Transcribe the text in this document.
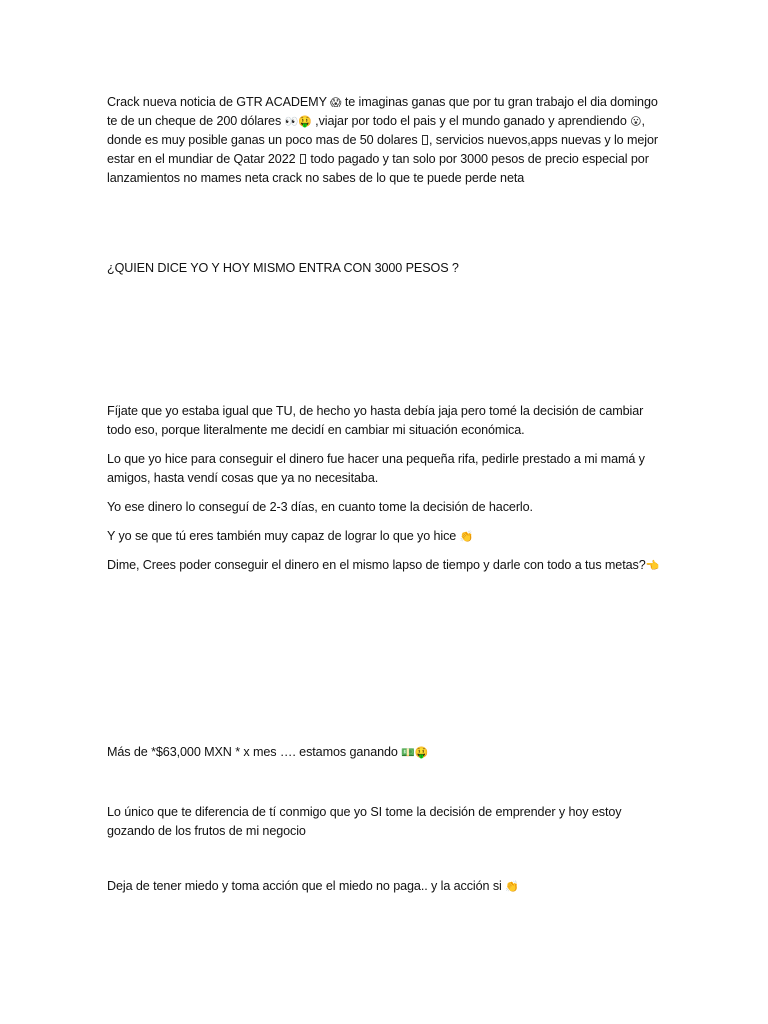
Crack nueva noticia de GTR ACADEMY 😱 te imaginas ganas que por tu gran trabajo el dia domingo te de un cheque de 200 dólares 👀🤑 ,viajar por todo el pais y el mundo ganado y aprendiendo 😮, donde es muy posible ganas un poco mas de 50 dolares , servicios nuevos,apps nuevas y lo mejor estar en el mundiar de Qatar 2022  todo pagado y tan solo por 3000 pesos de precio especial por lanzamientos no mames neta crack no sabes de lo que te puede perde neta

¿QUIEN DICE YO Y HOY MISMO ENTRA CON 3000 PESOS ?

Fíjate que yo estaba igual que TU, de hecho yo hasta debía jaja pero tomé la decisión de cambiar todo eso, porque literalmente me decidí en cambiar mi situación económica.

Lo que yo hice para conseguir el dinero fue hacer una pequeña rifa, pedirle prestado a mi mamá y amigos, hasta vendí cosas que ya no necesitaba.

Yo ese dinero lo conseguí de 2-3 días, en cuanto tome la decisión de hacerlo.

Y yo se que tú eres también muy capaz de lograr lo que yo hice 👏

Dime, Crees poder conseguir el dinero en el mismo lapso de tiempo y darle con todo a tus metas?👈

Más de *$63,000 MXN * x mes …. estamos ganando 💵🤑

Lo único que te diferencia de tí conmigo que yo SI tome la decisión de emprender y hoy estoy gozando de los frutos de mi negocio

Deja de tener miedo y toma acción que el miedo no paga.. y la acción si 👏
